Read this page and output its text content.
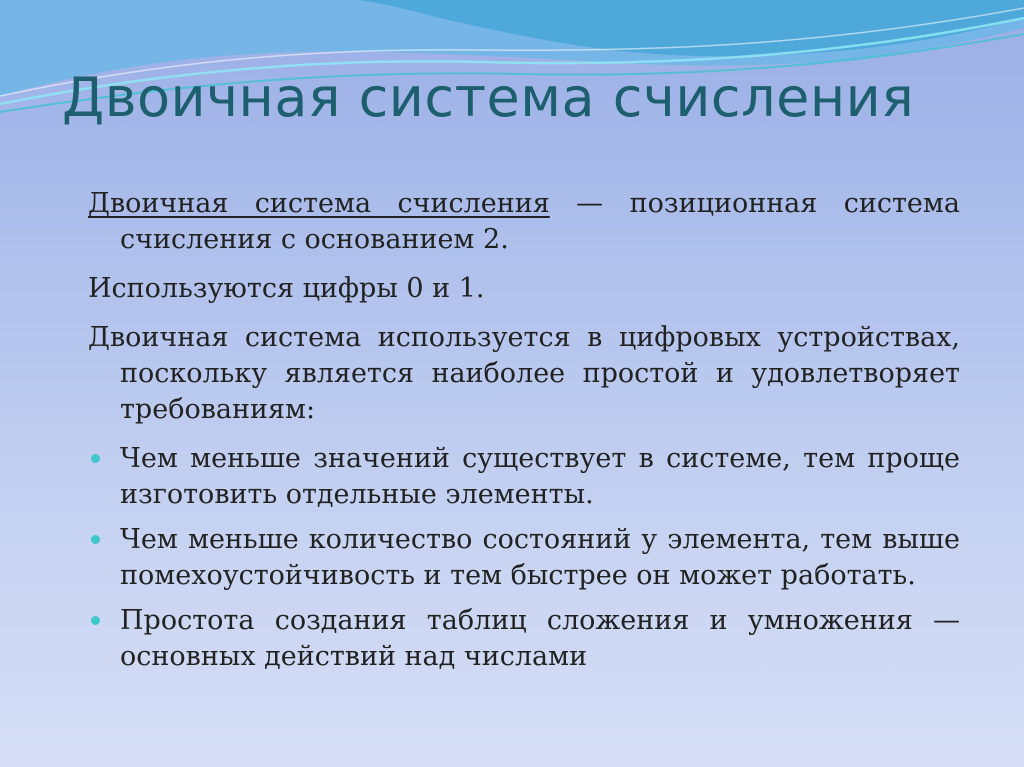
Двоичная система счисления

Двоичная система счисления — позиционная система счисления с основанием 2.

Используются цифры 0 и 1.

Двоичная система используется в цифровых устройствах, поскольку является наиболее простой и удовлетворяет требованиям:

Чем меньше значений существует в системе, тем проще изготовить отдельные элементы.
Чем меньше количество состояний у элемента, тем выше помехоустойчивость и тем быстрее он может работать.
Простота создания таблиц сложения и умножения — основных действий над числами
